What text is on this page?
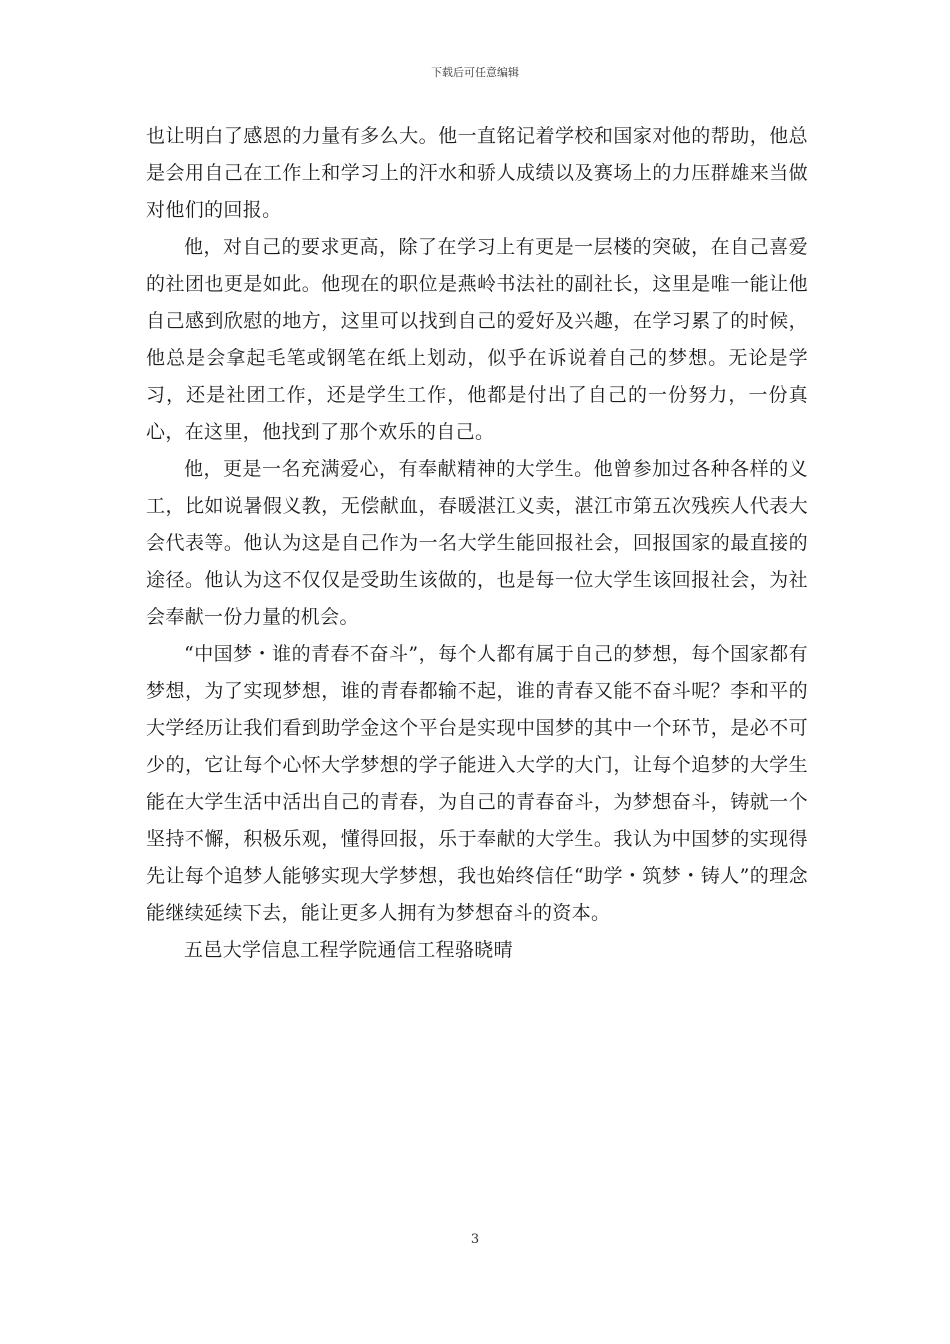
下载后可任意编辑

也让明白了感恩的力量有多么大。他一直铭记着学校和国家对他的帮助，他总是会用自己在工作上和学习上的汗水和骄人成绩以及赛场上的力压群雄来当做对他们的回报。

他，对自己的要求更高，除了在学习上有更是一层楼的突破，在自己喜爱的社团也更是如此。他现在的职位是燕岭书法社的副社长，这里是唯一能让他自己感到欣慰的地方，这里可以找到自己的爱好及兴趣，在学习累了的时候，他总是会拿起毛笔或钢笔在纸上划动，似乎在诉说着自己的梦想。无论是学习，还是社团工作，还是学生工作，他都是付出了自己的一份努力，一份真心，在这里，他找到了那个欢乐的自己。

他，更是一名充满爱心，有奉献精神的大学生。他曾参加过各种各样的义工，比如说暑假义教，无偿献血，春暖湛江义卖，湛江市第五次残疾人代表大会代表等。他认为这是自己作为一名大学生能回报社会，回报国家的最直接的途径。他认为这不仅仅是受助生该做的，也是每一位大学生该回报社会，为社会奉献一份力量的机会。

“中国梦・谁的青春不奋斗”，每个人都有属于自己的梦想，每个国家都有梦想，为了实现梦想，谁的青春都输不起，谁的青春又能不奋斗呢？李和平的大学经历让我们看到助学金这个平台是实现中国梦的其中一个环节，是必不可少的，它让每个心怀大学梦想的学子能进入大学的大门，让每个追梦的大学生能在大学生活中活出自己的青春，为自己的青春奋斗，为梦想奋斗，铸就一个坚持不懈，积极乐观，懂得回报，乐于奉献的大学生。我认为中国梦的实现得先让每个追梦人能够实现大学梦想，我也始终信任“助学・筑梦・铸人”的理念能继续延续下去，能让更多人拥有为梦想奋斗的资本。

五邑大学信息工程学院通信工程骆晓晴

3
